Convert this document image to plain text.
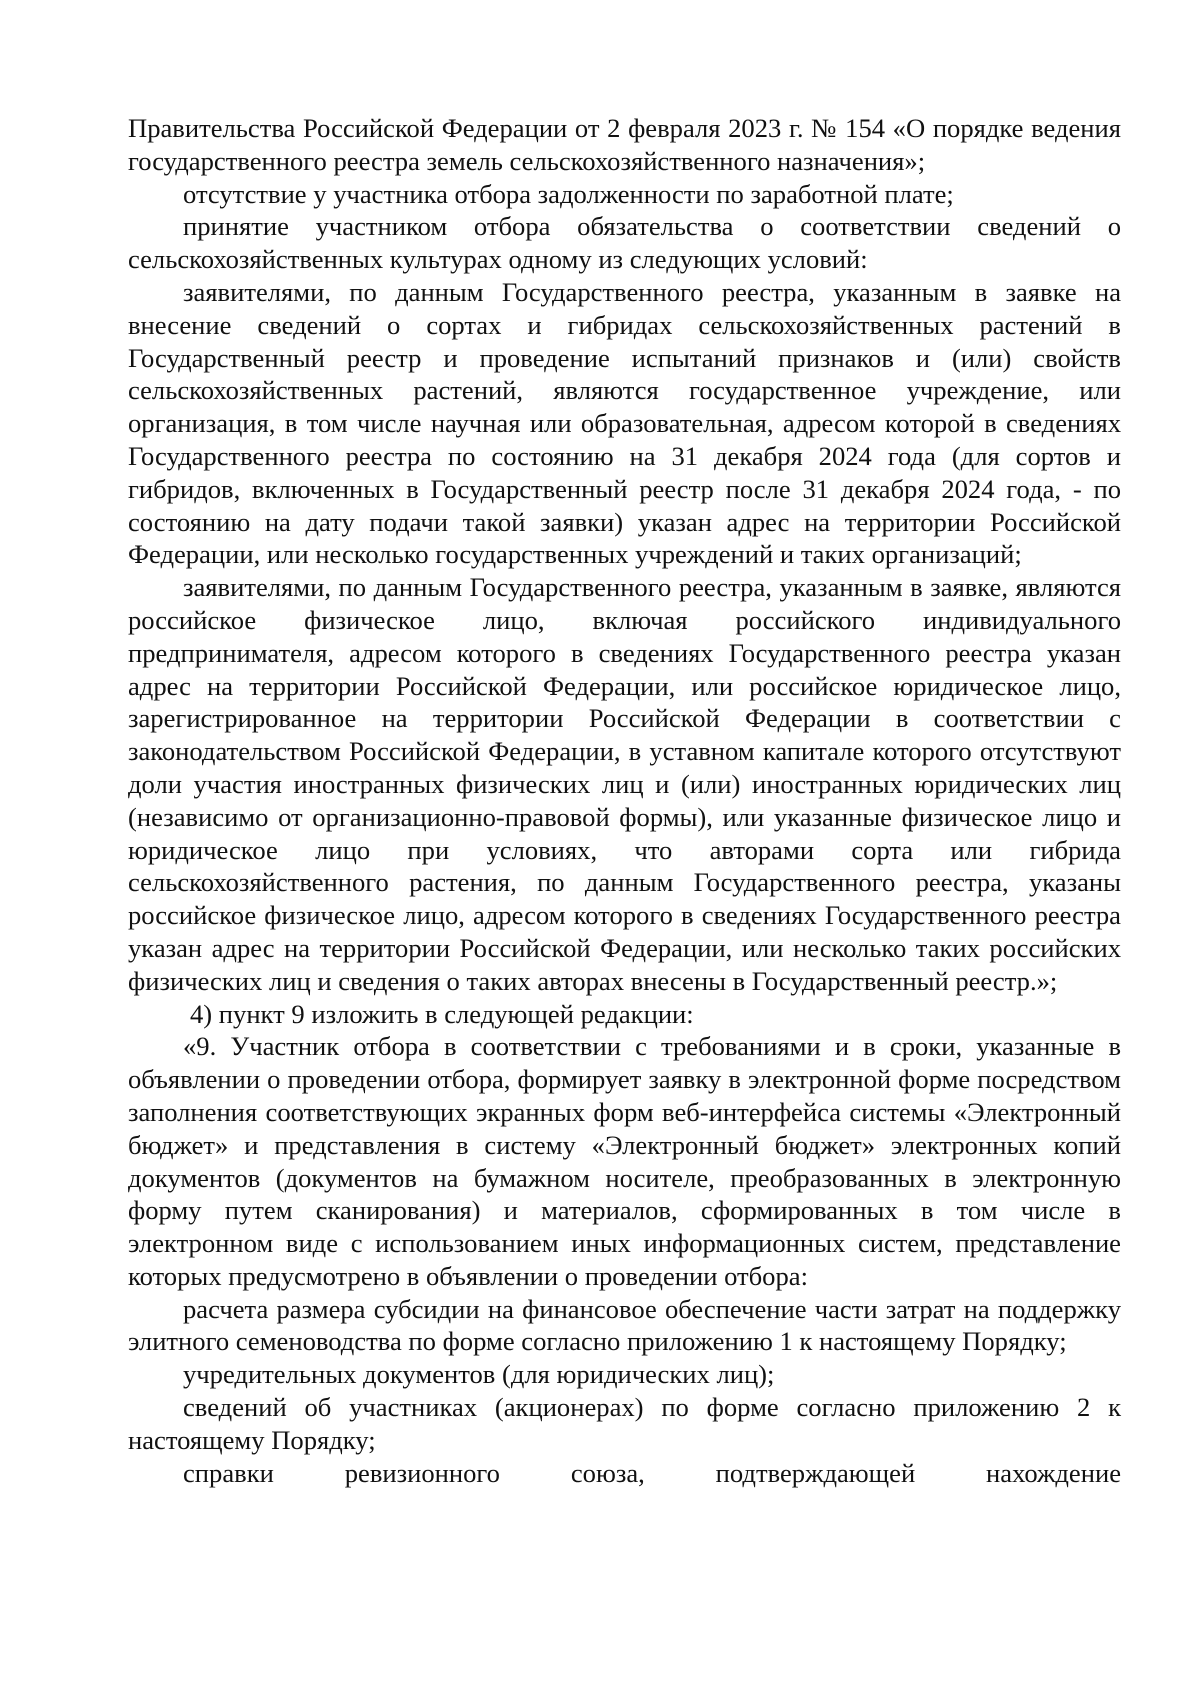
Правительства Российской Федерации от 2 февраля 2023 г. № 154 «О порядке ведения государственного реестра земель сельскохозяйственного назначения»;

отсутствие у участника отбора задолженности по заработной плате;

принятие участником отбора обязательства о соответствии сведений о сельскохозяйственных культурах одному из следующих условий:

заявителями, по данным Государственного реестра, указанным в заявке на внесение сведений о сортах и гибридах сельскохозяйственных растений в Государственный реестр и проведение испытаний признаков и (или) свойств сельскохозяйственных растений, являются государственное учреждение, или организация, в том числе научная или образовательная, адресом которой в сведениях Государственного реестра по состоянию на 31 декабря 2024 года (для сортов и гибридов, включенных в Государственный реестр после 31 декабря 2024 года, - по состоянию на дату подачи такой заявки) указан адрес на территории Российской Федерации, или несколько государственных учреждений и таких организаций;

заявителями, по данным Государственного реестра, указанным в заявке, являются российское физическое лицо, включая российского индивидуального предпринимателя, адресом которого в сведениях Государственного реестра указан адрес на территории Российской Федерации, или российское юридическое лицо, зарегистрированное на территории Российской Федерации в соответствии с законодательством Российской Федерации, в уставном капитале которого отсутствуют доли участия иностранных физических лиц и (или) иностранных юридических лиц (независимо от организационно-правовой формы), или указанные физическое лицо и юридическое лицо при условиях, что авторами сорта или гибрида сельскохозяйственного растения, по данным Государственного реестра, указаны российское физическое лицо, адресом которого в сведениях Государственного реестра указан адрес на территории Российской Федерации, или несколько таких российских физических лиц и сведения о таких авторах внесены в Государственный реестр.»;

4) пункт 9 изложить в следующей редакции:

«9. Участник отбора в соответствии с требованиями и в сроки, указанные в объявлении о проведении отбора, формирует заявку в электронной форме посредством заполнения соответствующих экранных форм веб-интерфейса системы «Электронный бюджет» и представления в систему «Электронный бюджет» электронных копий документов (документов на бумажном носителе, преобразованных в электронную форму путем сканирования) и материалов, сформированных в том числе в электронном виде с использованием иных информационных систем, представление которых предусмотрено в объявлении о проведении отбора:

расчета размера субсидии на финансовое обеспечение части затрат на поддержку элитного семеноводства по форме согласно приложению 1 к настоящему Порядку;

учредительных документов (для юридических лиц);

сведений об участниках (акционерах) по форме согласно приложению 2 к настоящему Порядку;

справки ревизионного союза, подтверждающей нахождение
